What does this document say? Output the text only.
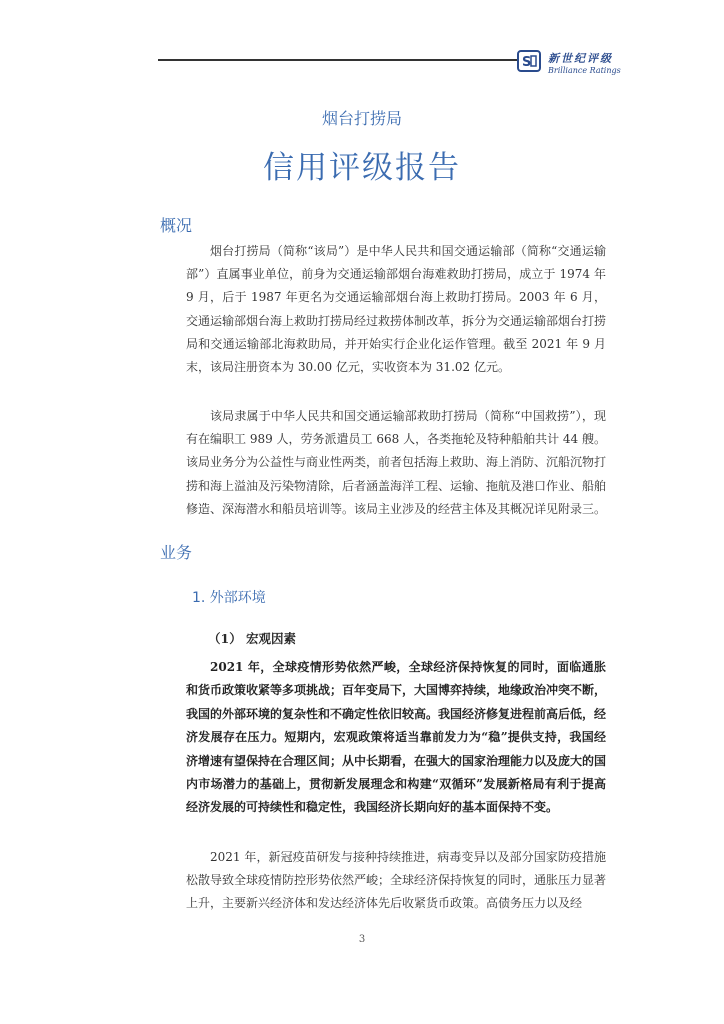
S 新世纪评级
Brilliance Ratings
烟台打捞局
信用评级报告
概况

烟台打捞局（简称“该局”）是中华人民共和国交通运输部（简称“交通运输部”）直属事业单位，前身为交通运输部烟台海难救助打捞局，成立于 1974 年 9 月，后于 1987 年更名为交通运输部烟台海上救助打捞局。2003 年 6 月，交通运输部烟台海上救助打捞局经过救捞体制改革，拆分为交通运输部烟台打捞局和交通运输部北海救助局，并开始实行企业化运作管理。截至 2021 年 9 月末，该局注册资本为 30.00 亿元，实收资本为 31.02 亿元。

该局隶属于中华人民共和国交通运输部救助打捞局（简称“中国救捞”），现有在编职工 989 人，劳务派遣员工 668 人，各类拖轮及特种船舶共计 44 艘。该局业务分为公益性与商业性两类，前者包括海上救助、海上消防、沉船沉物打捞和海上溢油及污染物清除，后者涵盖海洋工程、运输、拖航及港口作业、船舶修造、深海潜水和船员培训等。该局主业涉及的经营主体及其概况详见附录三。

业务
1. 外部环境
（1） 宏观因素

2021 年，全球疫情形势依然严峻，全球经济保持恢复的同时，面临通胀和货币政策收紧等多项挑战；百年变局下，大国博弈持续，地缘政治冲突不断，我国的外部环境的复杂性和不确定性依旧较高。我国经济修复进程前高后低，经济发展存在压力。短期内，宏观政策将适当靠前发力为“稳”提供支持，我国经济增速有望保持在合理区间；从中长期看，在强大的国家治理能力以及庞大的国内市场潜力的基础上，贯彻新发展理念和构建“双循环”发展新格局有利于提高经济发展的可持续性和稳定性，我国经济长期向好的基本面保持不变。

2021 年，新冠疫苗研发与接种持续推进，病毒变异以及部分国家防疫措施松散导致全球疫情防控形势依然严峻；全球经济保持恢复的同时，通胀压力显著上升，主要新兴经济体和发达经济体先后收紧货币政策。高债务压力以及经

3
